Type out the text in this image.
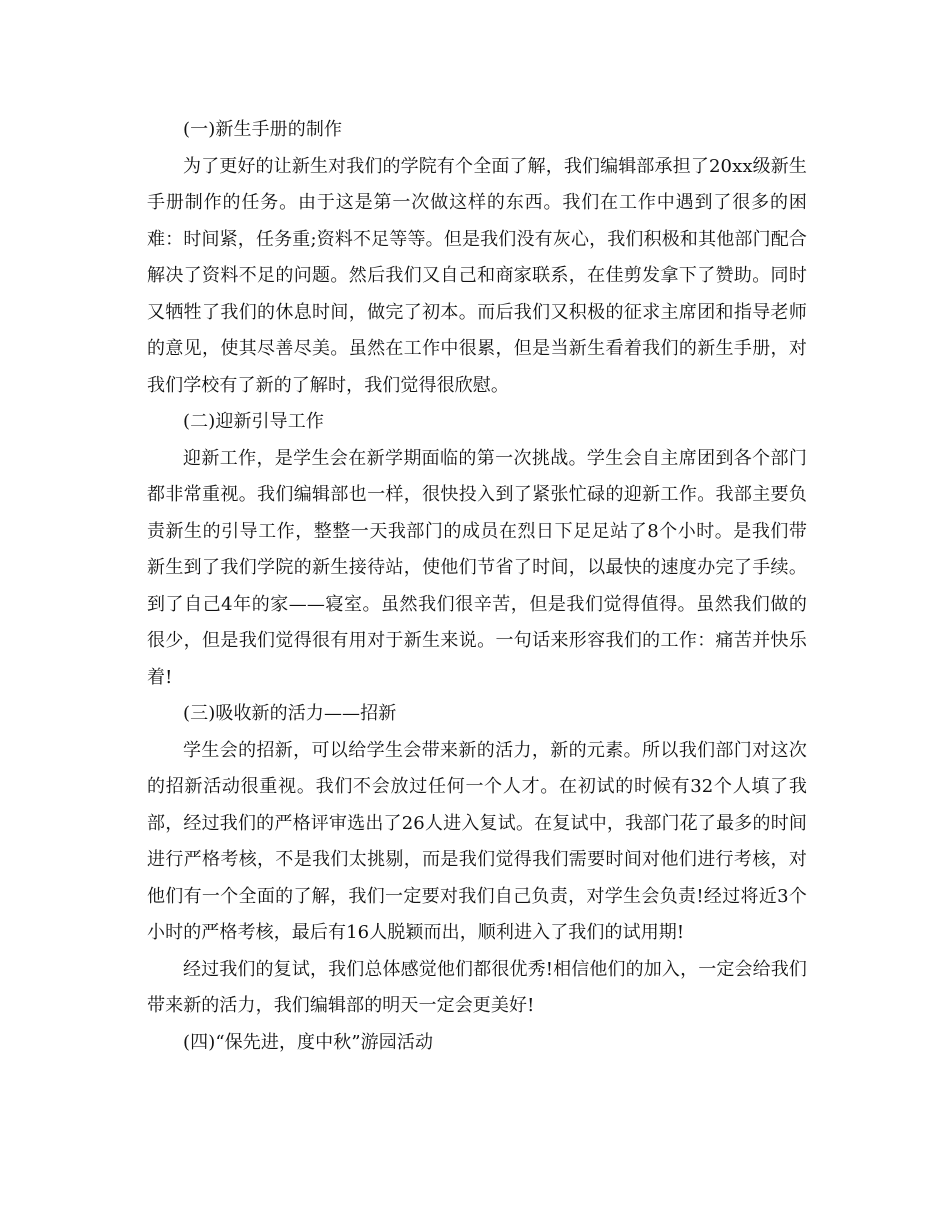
(一)新生手册的制作

为了更好的让新生对我们的学院有个全面了解，我们编辑部承担了20xx级新生手册制作的任务。由于这是第一次做这样的东西。我们在工作中遇到了很多的困难：时间紧，任务重;资料不足等等。但是我们没有灰心，我们积极和其他部门配合解决了资料不足的问题。然后我们又自己和商家联系，在佳剪发拿下了赞助。同时又牺牲了我们的休息时间，做完了初本。而后我们又积极的征求主席团和指导老师的意见，使其尽善尽美。虽然在工作中很累，但是当新生看着我们的新生手册，对我们学校有了新的了解时，我们觉得很欣慰。

(二)迎新引导工作

迎新工作，是学生会在新学期面临的第一次挑战。学生会自主席团到各个部门都非常重视。我们编辑部也一样，很快投入到了紧张忙碌的迎新工作。我部主要负责新生的引导工作，整整一天我部门的成员在烈日下足足站了8个小时。是我们带新生到了我们学院的新生接待站，使他们节省了时间，以最快的速度办完了手续。到了自己4年的家——寝室。虽然我们很辛苦，但是我们觉得值得。虽然我们做的很少，但是我们觉得很有用对于新生来说。一句话来形容我们的工作：痛苦并快乐着!

(三)吸收新的活力——招新

学生会的招新，可以给学生会带来新的活力，新的元素。所以我们部门对这次的招新活动很重视。我们不会放过任何一个人才。在初试的时候有32个人填了我部，经过我们的严格评审选出了26人进入复试。在复试中，我部门花了最多的时间进行严格考核，不是我们太挑剔，而是我们觉得我们需要时间对他们进行考核，对他们有一个全面的了解，我们一定要对我们自己负责，对学生会负责!经过将近3个小时的严格考核，最后有16人脱颖而出，顺利进入了我们的试用期!

经过我们的复试，我们总体感觉他们都很优秀!相信他们的加入，一定会给我们带来新的活力，我们编辑部的明天一定会更美好!

(四)“保先进，度中秋”游园活动
